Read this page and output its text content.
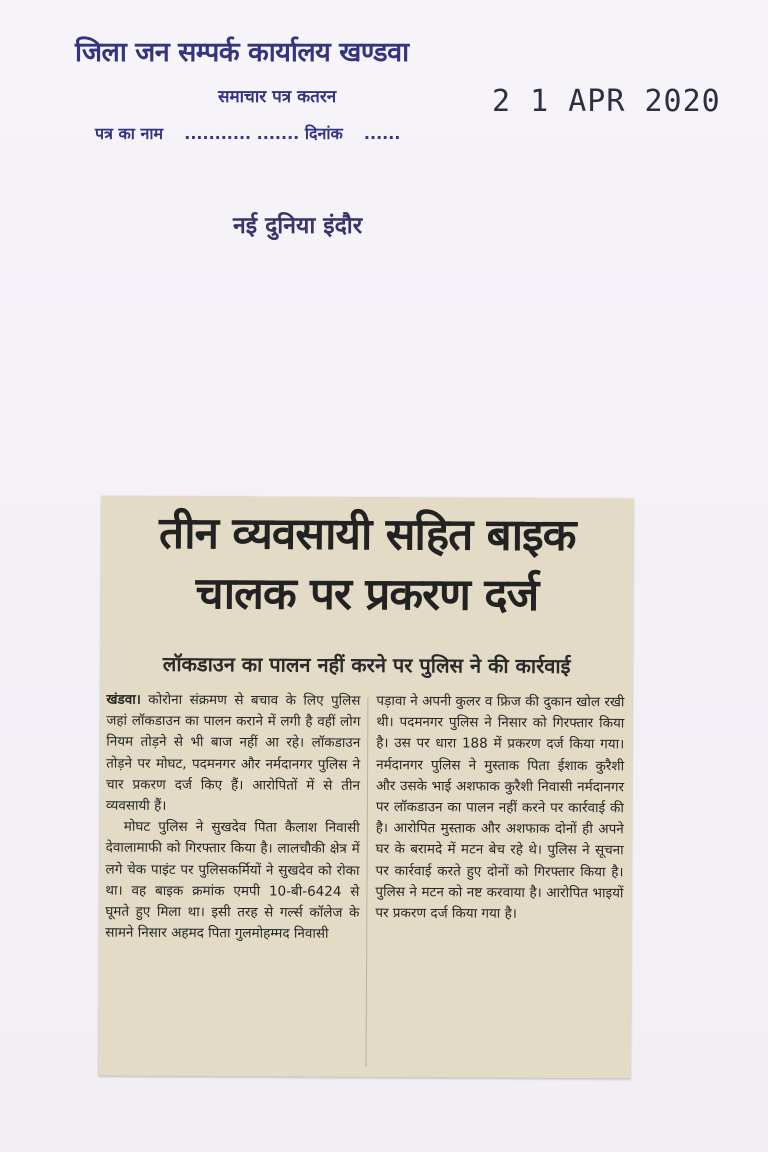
जिला जन सम्पर्क कार्यालय खण्डवा
समाचार पत्र कतरन	2 1 APR 2020
पत्र का नाम ........... ....... दिनांक ......
नई दुनिया इंदौर
तीन व्यवसायी सहित बाइक
चालक पर प्रकरण दर्ज
लॉकडाउन का पालन नहीं करने पर पुलिस ने की कार्रवाई

खंडवा। कोरोना संक्रमण से बचाव के लिए पुलिस जहां लॉकडाउन का पालन कराने में लगी है वहीं लोग नियम तोड़ने से भी बाज नहीं आ रहे। लॉकडाउन तोड़ने पर मोघट, पदमनगर और नर्मदानगर पुलिस ने चार प्रकरण दर्ज किए हैं। आरोपितों में से तीन व्यवसायी हैं।

मोघट पुलिस ने सुखदेव पिता कैलाश निवासी देवालामाफी को गिरफ्तार किया है। लालचौकी क्षेत्र में लगे चेक पाइंट पर पुलिसकर्मियों ने सुखदेव को रोका था। वह बाइक क्रमांक एमपी 10-बी-6424 से घूमते हुए मिला था। इसी तरह से गर्ल्स कॉलेज के सामने निसार अहमद पिता गुलमोहम्मद निवासी

पड़ावा ने अपनी कुलर व फ्रिज की दुकान खोल रखी थी। पदमनगर पुलिस ने निसार को गिरफ्तार किया है। उस पर धारा 188 में प्रकरण दर्ज किया गया। नर्मदानगर पुलिस ने मुस्ताक पिता ईशाक कुरैशी और उसके भाई अशफाक कुरैशी निवासी नर्मदानगर पर लॉकडाउन का पालन नहीं करने पर कार्रवाई की है। आरोपित मुस्ताक और अशफाक दोनों ही अपने घर के बरामदे में मटन बेच रहे थे। पुलिस ने सूचना पर कार्रवाई करते हुए दोनों को गिरफ्तार किया है। पुलिस ने मटन को नष्ट करवाया है। आरोपित भाइयों पर प्रकरण दर्ज किया गया है।
